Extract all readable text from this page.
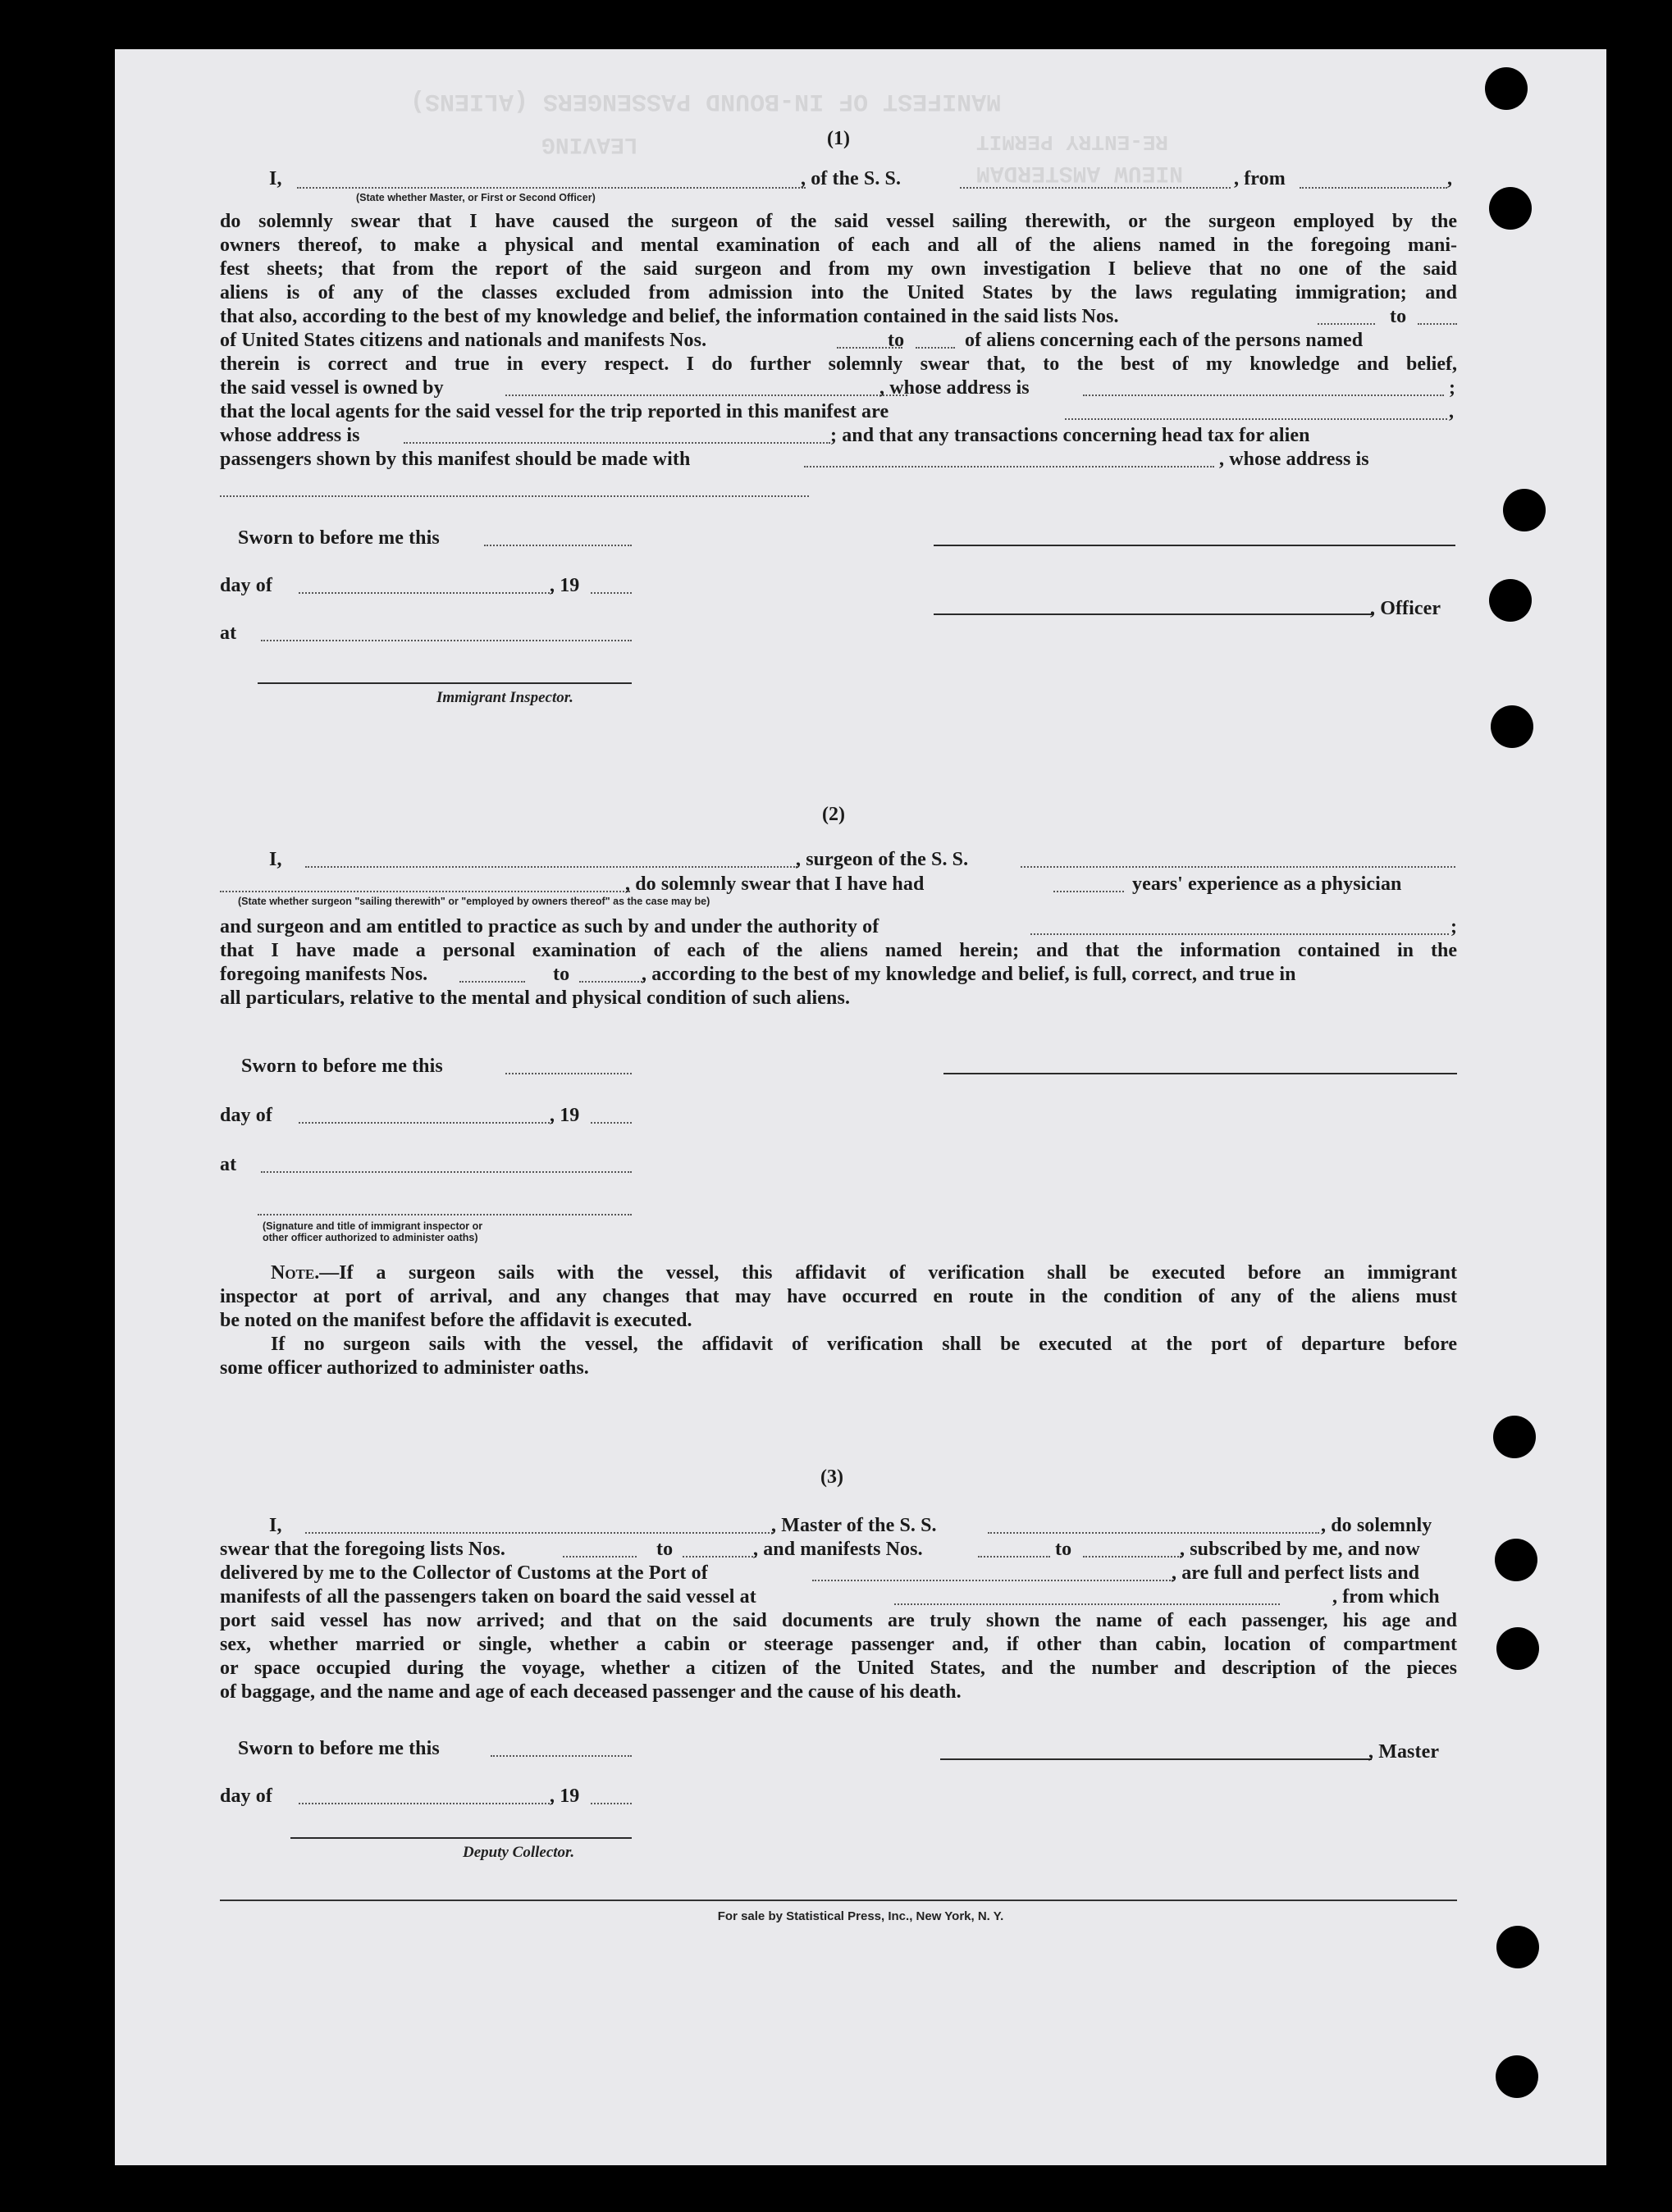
MANIFEST OF IN-BOUND PASSENGERS (ALIENS)
LEAVING
NIEUW AMSTERDAM
RE-ENTRY PERMIT
(1)
I,
(State whether Master, or First or Second Officer)
, of the S. S.	, from	,
do solemnly swear that I have caused the surgeon of the said vessel sailing therewith, or the surgeon employed by the
owners thereof, to make a physical and mental examination of each and all of the aliens named in the foregoing mani-
fest sheets; that from the report of the said surgeon and from my own investigation I believe that no one of the said
aliens is of any of the classes excluded from admission into the United States by the laws regulating immigration; and
that also, according to the best of my knowledge and belief, the information contained in the said lists Nos.	to
of United States citizens and nationals and manifests Nos.	to	of aliens concerning each of the persons named
therein is correct and true in every respect. I do further solemnly swear that, to the best of my knowledge and belief,
the said vessel is owned by	, whose address is	;
that the local agents for the said vessel for the trip reported in this manifest are	,
whose address is	; and that any transactions concerning head tax for alien
passengers shown by this manifest should be made with	, whose address is
Sworn to before me this
day of	, 19
, Officer
at
Immigrant Inspector.
(2)
I,	, surgeon of the S. S.
, do solemnly swear that I have had	years' experience as a physician
(State whether surgeon "sailing therewith" or "employed by owners thereof" as the case may be)
and surgeon and am entitled to practice as such by and under the authority of	;
that I have made a personal examination of each of the aliens named herein; and that the information contained in the
foregoing manifests Nos.	to	, according to the best of my knowledge and belief, is full, correct, and true in
all particulars, relative to the mental and physical condition of such aliens.
Sworn to before me this
day of	, 19
at
(Signature and title of immigrant inspector or
other officer authorized to administer oaths)
Note.—If a surgeon sails with the vessel, this affidavit of verification shall be executed before an immigrant
inspector at port of arrival, and any changes that may have occurred en route in the condition of any of the aliens must
be noted on the manifest before the affidavit is executed.
If no surgeon sails with the vessel, the affidavit of verification shall be executed at the port of departure before
some officer authorized to administer oaths.
(3)
I,	, Master of the S. S.	, do solemnly
swear that the foregoing lists Nos.	to	, and manifests Nos.	to	, subscribed by me, and now
delivered by me to the Collector of Customs at the Port of	, are full and perfect lists and
manifests of all the passengers taken on board the said vessel at	, from which
port said vessel has now arrived; and that on the said documents are truly shown the name of each passenger, his age and
sex, whether married or single, whether a cabin or steerage passenger and, if other than cabin, location of compartment
or space occupied during the voyage, whether a citizen of the United States, and the number and description of the pieces
of baggage, and the name and age of each deceased passenger and the cause of his death.
Sworn to before me this	, Master
day of	, 19
Deputy Collector.
For sale by Statistical Press, Inc., New York, N. Y.
